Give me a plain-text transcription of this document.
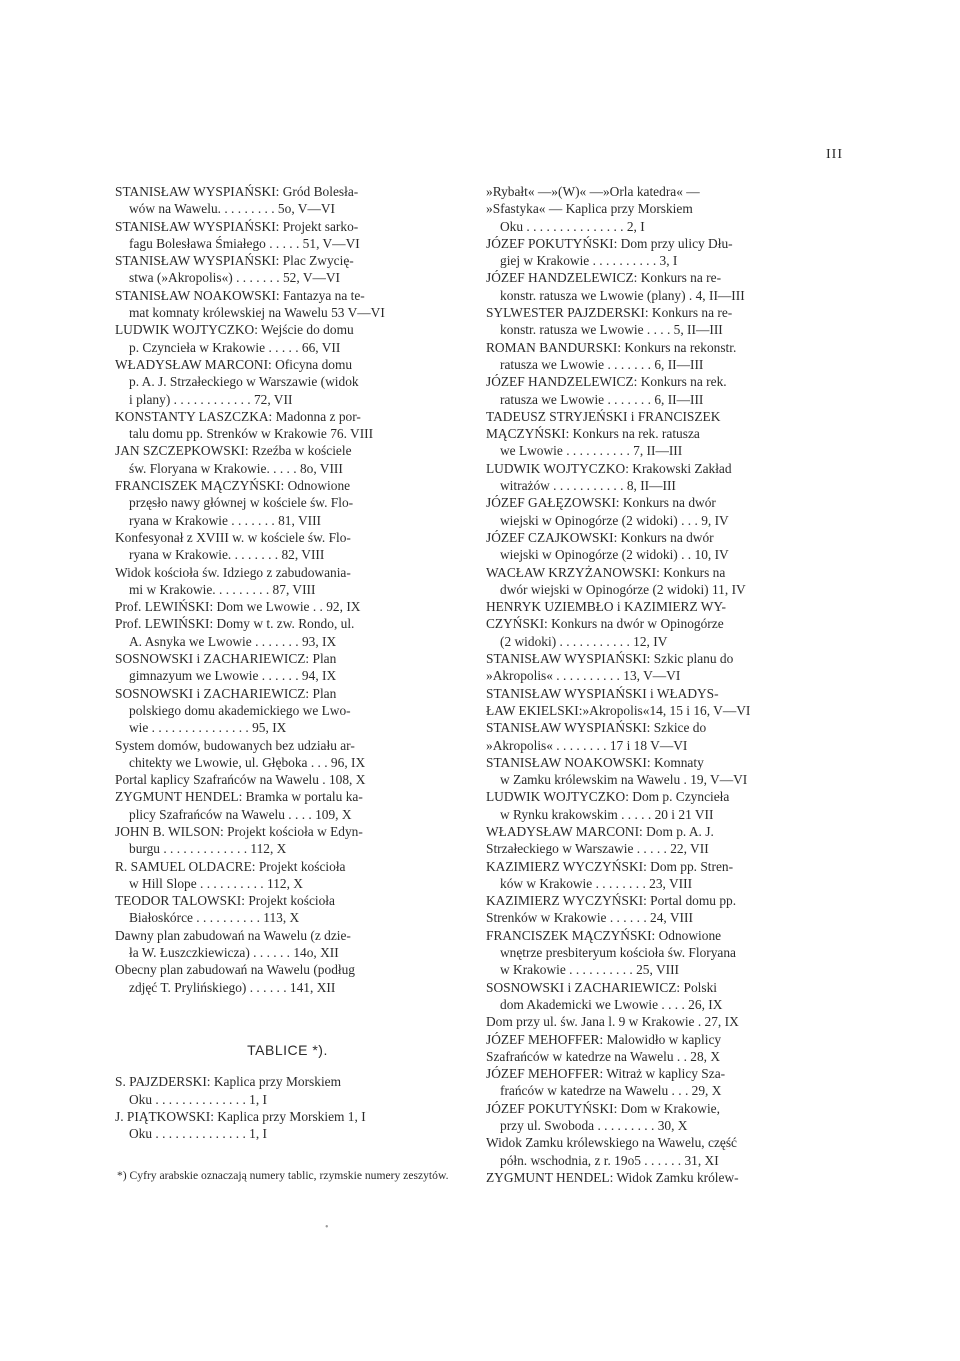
III
STANISŁAW WYSPIAŃSKI: Gród Bolesła-
wów na Wawelu. . . . . . . . . 5o, V—VI
STANISŁAW WYSPIAŃSKI: Projekt sarko-
fagu Bolesława Śmiałego . . . . . 51, V—VI
STANISŁAW WYSPIAŃSKI: Plac Zwycię-
stwa (»Akropolis«) . . . . . . . 52, V—VI
STANISŁAW NOAKOWSKI: Fantazya na te-
mat komnaty królewskiej na Wawelu 53 V—VI
LUDWIK WOJTYCZKO: Wejście do domu
p. Czyncieła w Krakowie . . . . . 66, VII
WŁADYSŁAW MARCONI: Oficyna domu
p. A. J. Strzałeckiego w Warszawie (widok
i plany) . . . . . . . . . . . . 72, VII
KONSTANTY LASZCZKA: Madonna z por-
talu domu pp. Strenków w Krakowie 76. VIII
JAN SZCZEPKOWSKI: Rzeźba w kościele
św. Floryana w Krakowie. . . . . 8o, VIII
FRANCISZEK MĄCZYŃSKI: Odnowione
przęsło nawy głównej w kościele św. Flo-
ryana w Krakowie . . . . . . . 81, VIII
Konfesyonał z XVIII w. w kościele św. Flo-
ryana w Krakowie. . . . . . . . 82, VIII
Widok kościoła św. Idziego z zabudowania-
mi w Krakowie. . . . . . . . . 87, VIII
Prof. LEWIŃSKI: Dom we Lwowie . . 92, IX
Prof. LEWIŃSKI: Domy w t. zw. Rondo, ul.
A. Asnyka we Lwowie . . . . . . . 93, IX
SOSNOWSKI i ZACHARIEWICZ: Plan
gimnazyum we Lwowie . . . . . . 94, IX
SOSNOWSKI i ZACHARIEWICZ: Plan
polskiego domu akademickiego we Lwo-
wie . . . . . . . . . . . . . . . 95, IX
System domów, budowanych bez udziału ar-
chitekty we Lwowie, ul. Głęboka . . . 96, IX
Portal kaplicy Szafrańców na Wawelu . 108, X
ZYGMUNT HENDEL: Bramka w portalu ka-
plicy Szafrańców na Wawelu . . . . 109, X
JOHN B. WILSON: Projekt kościoła w Edyn-
burgu . . . . . . . . . . . . . 112, X
R. SAMUEL OLDACRE: Projekt kościoła
w Hill Slope . . . . . . . . . . 112, X
TEODOR TALOWSKI: Projekt kościoła
Białoskórce . . . . . . . . . . 113, X
Dawny plan zabudowań na Wawelu (z dzie-
ła W. Łuszczkiewicza) . . . . . . 14o, XII
Obecny plan zabudowań na Wawelu (podług
zdjęć T. Prylińskiego) . . . . . . 141, XII
TABLICE *).
S. PAJZDERSKI: Kaplica przy Morskiem
Oku . . . . . . . . . . . . . . 1, I
J. PIĄTKOWSKI: Kaplica przy Morskiem 1, I
Oku . . . . . . . . . . . . . . 1, I
*) Cyfry arabskie oznaczają numery tablic, rzymskie numery zeszytów.
»Rybałt« —»(W)« —»Orla katedra« —
»Sfastyka« — Kaplica przy Morskiem
Oku . . . . . . . . . . . . . . . 2, I
JÓZEF POKUTYŃSKI: Dom przy ulicy Dłu-
giej w Krakowie . . . . . . . . . . 3, I
JÓZEF HANDZELEWICZ: Konkurs na re-
konstr. ratusza we Lwowie (plany) . 4, II—III
SYLWESTER PAJZDERSKI: Konkurs na re-
konstr. ratusza we Lwowie . . . . 5, II—III
ROMAN BANDURSKI: Konkurs na rekonstr.
ratusza we Lwowie . . . . . . . 6, II—III
JÓZEF HANDZELEWICZ: Konkurs na rek.
ratusza we Lwowie . . . . . . . 6, II—III
TADEUSZ STRYJEŃSKI i FRANCISZEK
MĄCZYŃSKI: Konkurs na rek. ratusza
we Lwowie . . . . . . . . . . 7, II—III
LUDWIK WOJTYCZKO: Krakowski Zakład
witrażów . . . . . . . . . . . 8, II—III
JÓZEF GAŁĘZOWSKI: Konkurs na dwór
wiejski w Opinogórze (2 widoki) . . . 9, IV
JÓZEF CZAJKOWSKI: Konkurs na dwór
wiejski w Opinogórze (2 widoki) . . 10, IV
WACŁAW KRZYŻANOWSKI: Konkurs na
dwór wiejski w Opinogórze (2 widoki) 11, IV
HENRYK UZIEMBŁO i KAZIMIERZ WY-
CZYŃSKI: Konkurs na dwór w Opinogórze
(2 widoki) . . . . . . . . . . . 12, IV
STANISŁAW WYSPIAŃSKI: Szkic planu do
»Akropolis« . . . . . . . . . . 13, V—VI
STANISŁAW WYSPIAŃSKI i WŁADYS-
ŁAW EKIELSKI:»Akropolis«14, 15 i 16, V—VI
STANISŁAW WYSPIAŃSKI: Szkice do
»Akropolis« . . . . . . . . 17 i 18 V—VI
STANISŁAW NOAKOWSKI: Komnaty
w Zamku królewskim na Wawelu . 19, V—VI
LUDWIK WOJTYCZKO: Dom p. Czyncieła
w Rynku krakowskim . . . . . 20 i 21 VII
WŁADYSŁAW MARCONI: Dom p. A. J.
Strzałeckiego w Warszawie . . . . . 22, VII
KAZIMIERZ WYCZYŃSKI: Dom pp. Stren-
ków w Krakowie . . . . . . . . 23, VIII
KAZIMIERZ WYCZYŃSKI: Portal domu pp.
Strenków w Krakowie . . . . . . 24, VIII
FRANCISZEK MĄCZYŃSKI: Odnowione
wnętrze presbiteryum kościoła św. Floryana
w Krakowie . . . . . . . . . . 25, VIII
SOSNOWSKI i ZACHARIEWICZ: Polski
dom Akademicki we Lwowie . . . . 26, IX
Dom przy ul. św. Jana l. 9 w Krakowie . 27, IX
JÓZEF MEHOFFER: Malowidło w kaplicy
Szafrańców w katedrze na Wawelu . . 28, X
JÓZEF MEHOFFER: Witraż w kaplicy Sza-
frańców w katedrze na Wawelu . . . 29, X
JÓZEF POKUTYŃSKI: Dom w Krakowie,
przy ul. Swoboda . . . . . . . . . 30, X
Widok Zamku królewskiego na Wawelu, część
półn. wschodnia, z r. 19o5 . . . . . . 31, XI
ZYGMUNT HENDEL: Widok Zamku królew-
•
